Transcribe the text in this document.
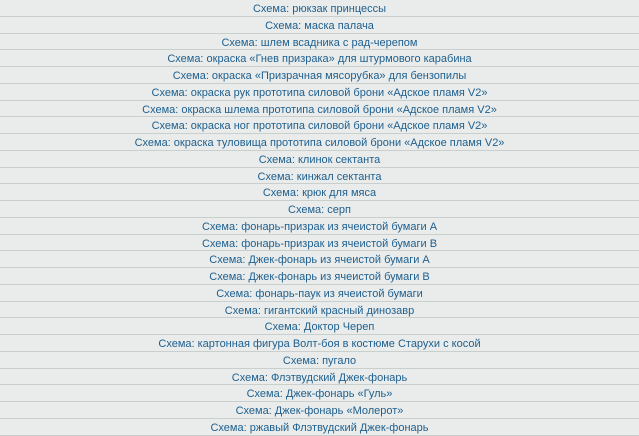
Схема: рюкзак принцессы
Схема: маска палача
Схема: шлем всадника с рад-черепом
Схема: окраска «Гнев призрака» для штурмового карабина
Схема: окраска «Призрачная мясорубка» для бензопилы
Схема: окраска рук прототипа силовой брони «Адское пламя V2»
Схема: окраска шлема прототипа силовой брони «Адское пламя V2»
Схема: окраска ног прототипа силовой брони «Адское пламя V2»
Схема: окраска туловища прототипа силовой брони «Адское пламя V2»
Схема: клинок сектанта
Схема: кинжал сектанта
Схема: крюк для мяса
Схема: серп
Схема: фонарь-призрак из ячеистой бумаги A
Схема: фонарь-призрак из ячеистой бумаги B
Схема: Джек-фонарь из ячеистой бумаги A
Схема: Джек-фонарь из ячеистой бумаги B
Схема: фонарь-паук из ячеистой бумаги
Схема: гигантский красный динозавр
Схема: Доктор Череп
Схема: картонная фигура Волт-боя в костюме Старухи с косой
Схема: пугало
Схема: Флэтвудский Джек-фонарь
Схема: Джек-фонарь «Гуль»
Схема: Джек-фонарь «Молерот»
Схема: ржавый Флэтвудский Джек-фонарь
